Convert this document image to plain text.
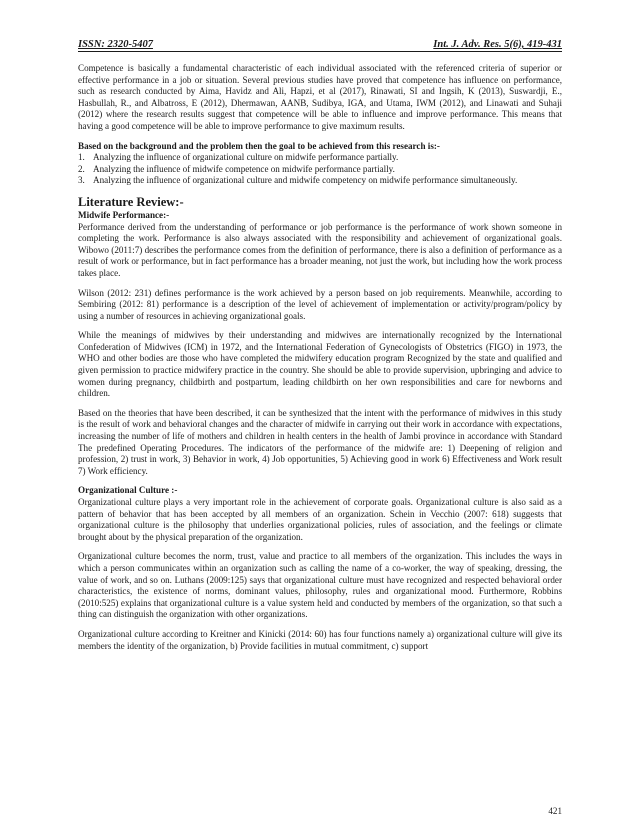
ISSN: 2320-5407	Int. J. Adv. Res. 5(6), 419-431

Competence is basically a fundamental characteristic of each individual associated with the referenced criteria of superior or effective performance in a job or situation. Several previous studies have proved that competence has influence on performance, such as research conducted by Aima, Havidz and Ali, Hapzi, et al (2017), Rinawati, SI and Ingsih, K (2013), Suswardji, E., Hasbullah, R., and Albatross, E (2012), Dhermawan, AANB, Sudibya, IGA, and Utama, IWM (2012), and Linawati and Suhaji (2012) where the research results suggest that competence will be able to influence and improve performance. This means that having a good competence will be able to improve performance to give maximum results.

Based on the background and the problem then the goal to be achieved from this research is:-

1. Analyzing the influence of organizational culture on midwife performance partially.
2. Analyzing the influence of midwife competence on midwife performance partially.
3. Analyzing the influence of organizational culture and midwife competency on midwife performance simultaneously.
Literature Review:-
Midwife Performance:-

Performance derived from the understanding of performance or job performance is the performance of work shown someone in completing the work. Performance is also always associated with the responsibility and achievement of organizational goals. Wibowo (2011:7) describes the performance comes from the definition of performance, there is also a definition of performance as a result of work or performance, but in fact performance has a broader meaning, not just the work, but including how the work process takes place.

Wilson (2012: 231) defines performance is the work achieved by a person based on job requirements. Meanwhile, according to Sembiring (2012: 81) performance is a description of the level of achievement of implementation or activity/program/policy by using a number of resources in achieving organizational goals.

While the meanings of midwives by their understanding and midwives are internationally recognized by the International Confederation of Midwives (ICM) in 1972, and the International Federation of Gynecologists of Obstetrics (FIGO) in 1973, the WHO and other bodies are those who have completed the midwifery education program Recognized by the state and qualified and given permission to practice midwifery practice in the country. She should be able to provide supervision, upbringing and advice to women during pregnancy, childbirth and postpartum, leading childbirth on her own responsibilities and care for newborns and children.

Based on the theories that have been described, it can be synthesized that the intent with the performance of midwives in this study is the result of work and behavioral changes and the character of midwife in carrying out their work in accordance with expectations, increasing the number of life of mothers and children in health centers in the health of Jambi province in accordance with Standard The predefined Operating Procedures. The indicators of the performance of the midwife are: 1) Deepening of religion and profession, 2) trust in work, 3) Behavior in work, 4) Job opportunities, 5) Achieving good in work 6) Effectiveness and Work result 7) Work efficiency.

Organizational Culture :-

Organizational culture plays a very important role in the achievement of corporate goals. Organizational culture is also said as a pattern of behavior that has been accepted by all members of an organization. Schein in Vecchio (2007: 618) suggests that organizational culture is the philosophy that underlies organizational policies, rules of association, and the feelings or climate brought about by the physical preparation of the organization.

Organizational culture becomes the norm, trust, value and practice to all members of the organization. This includes the ways in which a person communicates within an organization such as calling the name of a co-worker, the way of speaking, dressing, the value of work, and so on. Luthans (2009:125) says that organizational culture must have recognized and respected behavioral order characteristics, the existence of norms, dominant values, philosophy, rules and organizational mood. Furthermore, Robbins (2010:525) explains that organizational culture is a value system held and conducted by members of the organization, so that such a thing can distinguish the organization with other organizations.

Organizational culture according to Kreitner and Kinicki (2014: 60) has four functions namely a) organizational culture will give its members the identity of the organization, b) Provide facilities in mutual commitment, c) support

421
